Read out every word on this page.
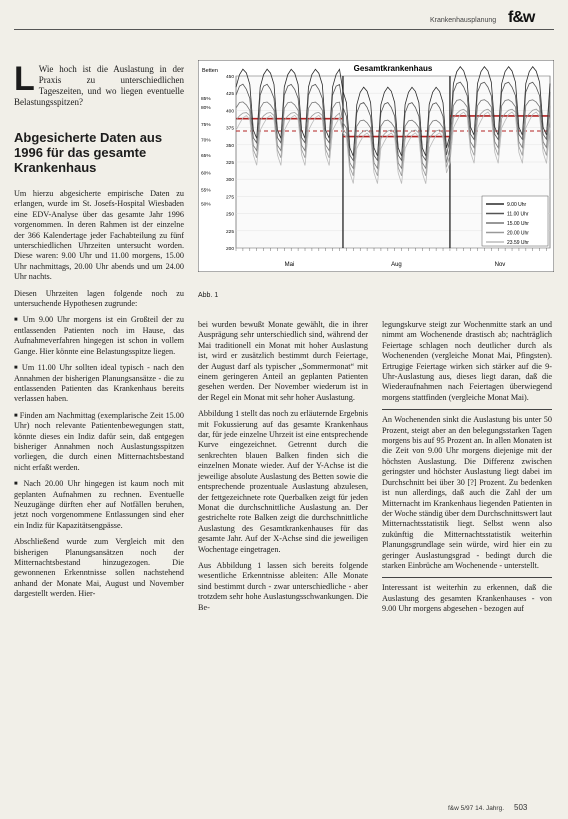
Krankenhausplanung f&w

L Wie hoch ist die Auslastung in der Praxis zu unterschiedlichen Tageszeiten, und wo liegen eventuelle Belastungsspitzen?

Abgesicherte Daten aus 1996 für das gesamte Krankenhaus

Um hierzu abgesicherte empirische Daten zu erlangen, wurde im St. Josefs-Hospital Wiesbaden eine EDV-Analyse über das gesamte Jahr 1996 vorgenommen. In deren Rahmen ist der einzelne der 366 Kalendertage jeder Fachabteilung zu fünf unterschiedlichen Uhrzeiten untersucht worden. Diese waren: 9.00 Uhr und 11.00 morgens, 15.00 Uhr nachmittags, 20.00 Uhr abends und um 24.00 Uhr nachts.

Diesen Uhrzeiten lagen folgende noch zu untersuchende Hypothesen zugrunde:

■ Um 9.00 Uhr morgens ist ein Großteil der zu entlassenden Patienten noch im Hause, das Aufnahmeverfahren hingegen ist schon in vollem Gange. Hier könnte eine Belastungsspitze liegen.

■ Um 11.00 Uhr sollten ideal typisch - nach den Annahmen der bisherigen Planungsansätze - die zu entlassenden Patienten das Krankenhaus bereits verlassen haben.

■ Finden am Nachmittag (exemplarische Zeit 15.00 Uhr) noch relevante Patientenbewegungen statt, könnte dieses ein Indiz dafür sein, daß entgegen bisheriger Annahmen noch Auslastungsspitzen vorliegen, die durch einen Mitternachtsbestand nicht erfaßt werden.

■ Nach 20.00 Uhr hingegen ist kaum noch mit geplanten Aufnahmen zu rechnen. Eventuelle Neuzugänge dürften eher auf Notfällen beruhen, jetzt noch vorgenommene Entlassungen sind eher ein Indiz für Kapazitätsengpässe.

Abschließend wurde zum Vergleich mit den bisherigen Planungsansätzen noch der Mitternachtsbestand hinzugezogen. Die gewonnenen Erkenntnisse sollen nachstehend anhand der Monate Mai, August und November dargestellt werden. Hier-

Gesamtkrankenhaus
Betten
200
225
250
275
300
325
350
375
400
425
450
85%
80%
75%
70%
65%
60%
55%
50%
Mai	Aug	Nov
9.00 Uhr
11.00 Uhr
15.00 Uhr
20.00 Uhr
23.59 Uhr
Abb. 1

bei wurden bewußt Monate gewählt, die in ihrer Ausprägung sehr unterschiedlich sind, während der Mai traditionell ein Monat mit hoher Auslastung ist, wird er zusätzlich bestimmt durch Feiertage, der August darf als typischer „Sommermonat“ mit einem geringeren Anteil an geplanten Patienten gesehen werden. Der November wiederum ist in der Regel ein Monat mit sehr hoher Auslastung.

Abbildung 1 stellt das noch zu erläuternde Ergebnis mit Fokussierung auf das gesamte Krankenhaus dar, für jede einzelne Uhrzeit ist eine entsprechende Kurve eingezeichnet. Getrennt durch die senkrechten blauen Balken finden sich die einzelnen Monate wieder. Auf der Y-Achse ist die jeweilige absolute Auslastung des Betten sowie die entsprechende prozentuale Auslastung abzulesen, der fettgezeichnete rote Querbalken zeigt für jeden Monat die durchschnittliche Auslastung an. Der gestrichelte rote Balken zeigt die durchschnittliche Auslastung des Gesamtkrankenhauses für das gesamte Jahr. Auf der X-Achse sind die jeweiligen Wochentage eingetragen.

Aus Abbildung 1 lassen sich bereits folgende wesentliche Erkenntnisse ableiten: Alle Monate sind bestimmt durch - zwar unterschiedliche - aber trotzdem sehr hohe Auslastungsschwankungen. Die Be-

legungskurve steigt zur Wochenmitte stark an und nimmt am Wochenende drastisch ab; nachträglich Feiertage schlagen noch deutlicher durch als Wochenenden (vergleiche Monat Mai, Pfingsten). Ertrugige Feiertage wirken sich stärker auf die 9-Uhr-Auslastung aus, dieses liegt daran, daß die Wiederaufnahmen nach Feiertagen überwiegend morgens stattfinden (vergleiche Monat Mai).

An Wochenenden sinkt die Auslastung bis unter 50 Prozent, steigt aber an den belegungsstarken Tagen morgens bis auf 95 Prozent an. In allen Monaten ist die Zeit von 9.00 Uhr morgens diejenige mit der höchsten Auslastung. Die Differenz zwischen geringster und höchster Auslastung liegt dabei im Durchschnitt bei über 30 [?] Prozent. Zu bedenken ist nun allerdings, daß auch die Zahl der um Mitternacht im Krankenhaus liegenden Patienten in der Woche ständig über dem Durchschnittswert laut Mitternachtsstatistik liegt. Selbst wenn also zukünftig die Mitternachtsstatistik weiterhin Planungsgrundlage sein würde, wird hier ein zu geringer Auslastungsgrad - bedingt durch die starken Einbrüche am Wochenende - unterstellt.

Interessant ist weiterhin zu erkennen, daß die Auslastung des gesamten Krankenhauses - von 9.00 Uhr morgens abgesehen - bezogen auf

f&w 5/97 14. Jahrg. 503
